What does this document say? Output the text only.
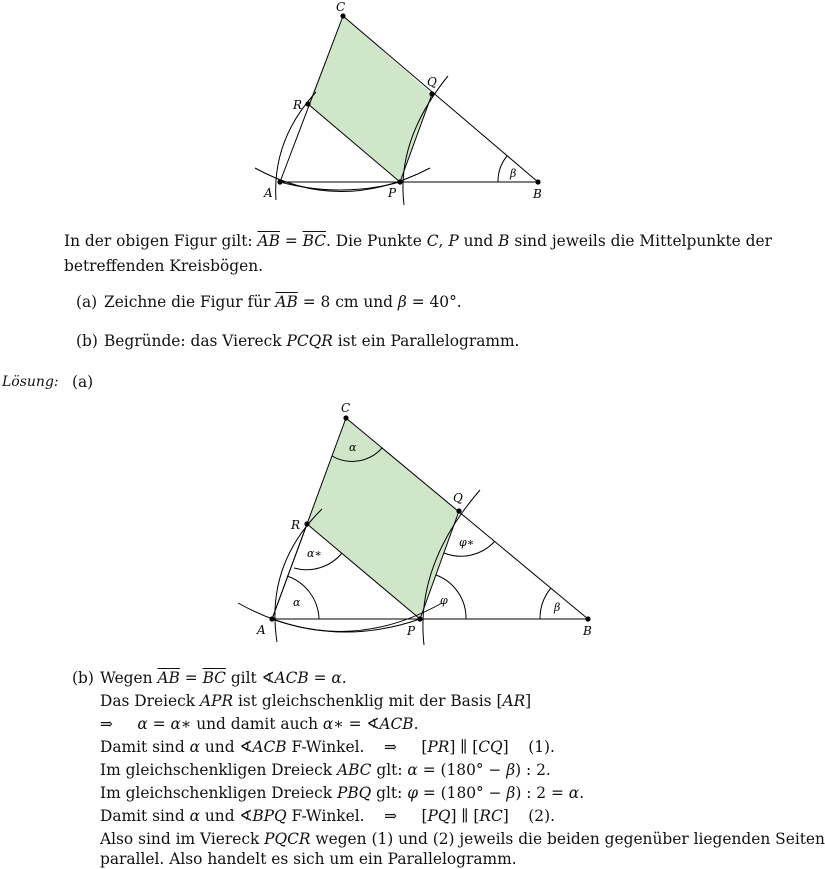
A	B
C
P
Q
R
β
In der obigen Figur gilt: $\overline{AB} = \overline{BC}$. Die Punkte C, P und B sind jeweils die Mittelpunkte der
betreffenden Kreisbögen.
(a) Zeichne die Figur für $\overline{AB} = 8$ cm und β = 40°.
(b) Begründe: das Viereck PCQR ist ein Parallelogramm.
Lösung: (a)
A	B
C
P
Q
R
α
α∗
α	φ
φ∗
β
(b) Wegen $\overline{AB} = \overline{BC}$ gilt ∢ACB = α.
Das Dreieck APR ist gleichschenklig mit der Basis [AR]
⇒     α = α∗ und damit auch α∗ = ∢ACB.
Damit sind α und ∢ACB F-Winkel.    ⇒     [PR] ∥ [CQ]    (1).
Im gleichschenkligen Dreieck ABC glt: α = (180° − β) : 2.
Im gleichschenkligen Dreieck PBQ glt: φ = (180° − β) : 2 = α.
Damit sind α und ∢BPQ F-Winkel.    ⇒     [PQ] ∥ [RC]    (2).
Also sind im Viereck PQCR wegen (1) und (2) jeweils die beiden gegenüber liegenden Seiten
parallel. Also handelt es sich um ein Parallelogramm.
